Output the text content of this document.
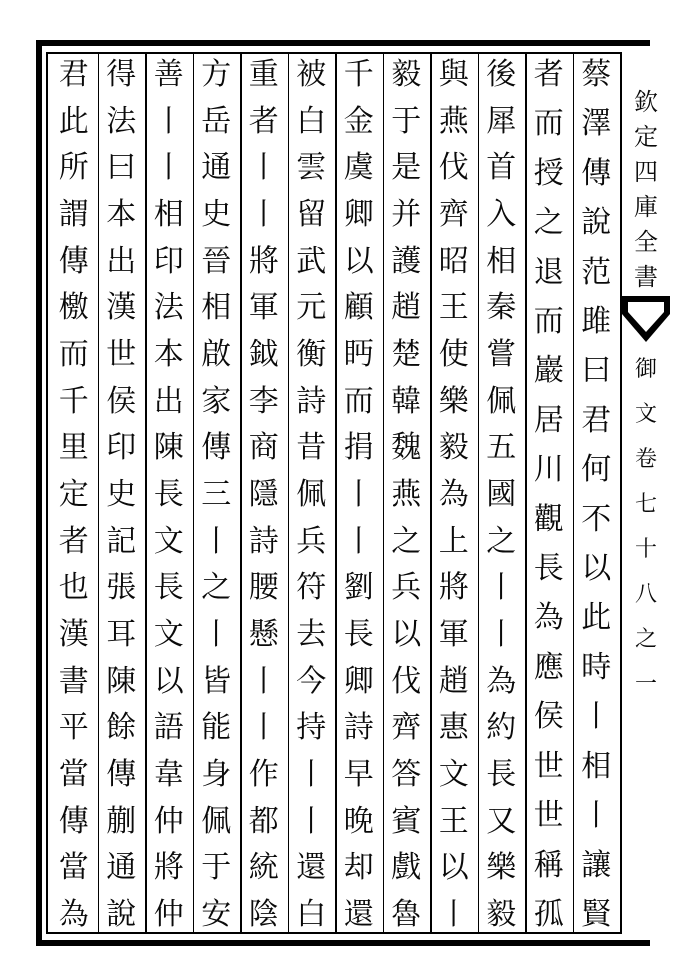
欽
定
四
庫
全
書
御
文
卷
七
十
八
之
一
蔡
澤
傳
說
范
雎
曰
君
何
不
以
此
時
丨
相
丨
讓
賢
者
而
授
之
退
而
巖
居
川
觀
長
為
應
侯
世
世
稱
孤
後
犀
首
入
相
秦
嘗
佩
五
國
之
丨
丨
為
約
長
又
樂
毅
與
燕
伐
齊
昭
王
使
樂
毅
為
上
將
軍
趙
惠
文
王
以
丨
毅
于
是
并
護
趙
楚
韓
魏
燕
之
兵
以
伐
齊
答
賓
戲
魯
千
金
虞
卿
以
顧
眄
而
捐
丨
丨
劉
長
卿
詩
早
晚
却
還
被
白
雲
留
武
元
衡
詩
昔
佩
兵
符
去
今
持
丨
丨
還
白
重
者
丨
丨
將
軍
鉞
李
商
隱
詩
腰
懸
丨
丨
作
都
統
陰
方
岳
通
史
晉
相
啟
家
傳
三
丨
之
丨
皆
能
身
佩
于
安
善
丨
丨
相
印
法
本
出
陳
長
文
長
文
以
語
韋
仲
將
仲
得
法
曰
本
出
漢
世
侯
印
史
記
張
耳
陳
餘
傳
蒯
通
說
君
此
所
謂
傳
檄
而
千
里
定
者
也
漢
書
平
當
傳
當
為
